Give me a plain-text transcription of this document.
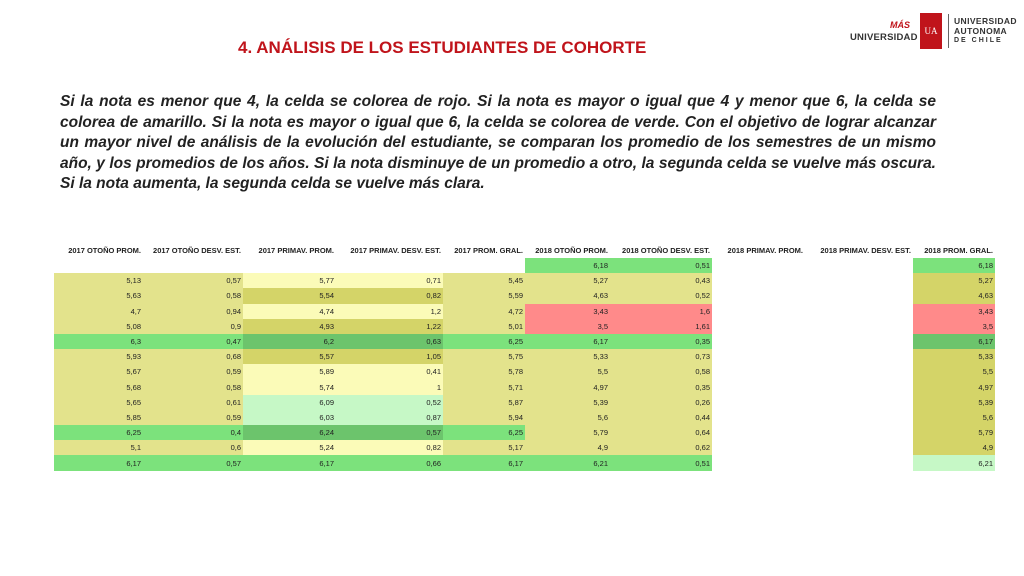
4. ANÁLISIS DE LOS ESTUDIANTES DE COHORTE
MÁS
UNIVERSIDAD
UA
UNIVERSIDAD
AUTONOMA
DE CHILE

Si la nota es menor que 4, la celda se colorea de rojo. Si la nota es mayor o igual que 4 y menor que 6, la celda se colorea de amarillo. Si la nota es mayor o igual que 6, la celda se colorea de verde. Con el objetivo de lograr alcanzar un mayor nivel de análisis de la evolución del estudiante, se comparan los promedio de los semestres de un mismo año, y los promedios de los años. Si la nota disminuye de un promedio a otro, la segunda celda se vuelve más oscura. Si la nota aumenta, la segunda celda se vuelve más clara.

2017 OTOÑO PROM.	2017 OTOÑO DESV. EST.	2017 PRIMAV. PROM.	2017 PRIMAV. DESV. EST.	2017 PROM. GRAL.	2018 OTOÑO PROM.	2018 OTOÑO DESV. EST.	2018 PRIMAV. PROM.	2018 PRIMAV. DESV. EST.	2018 PROM. GRAL.
					6,18	0,51			6,18
5,13	0,57	5,77	0,71	5,45	5,27	0,43			5,27
5,63	0,58	5,54	0,82	5,59	4,63	0,52			4,63
4,7	0,94	4,74	1,2	4,72	3,43	1,6			3,43
5,08	0,9	4,93	1,22	5,01	3,5	1,61			3,5
6,3	0,47	6,2	0,63	6,25	6,17	0,35			6,17
5,93	0,68	5,57	1,05	5,75	5,33	0,73			5,33
5,67	0,59	5,89	0,41	5,78	5,5	0,58			5,5
5,68	0,58	5,74	1	5,71	4,97	0,35			4,97
5,65	0,61	6,09	0,52	5,87	5,39	0,26			5,39
5,85	0,59	6,03	0,87	5,94	5,6	0,44			5,6
6,25	0,4	6,24	0,57	6,25	5,79	0,64			5,79
5,1	0,6	5,24	0,82	5,17	4,9	0,62			4,9
6,17	0,57	6,17	0,66	6,17	6,21	0,51			6,21
